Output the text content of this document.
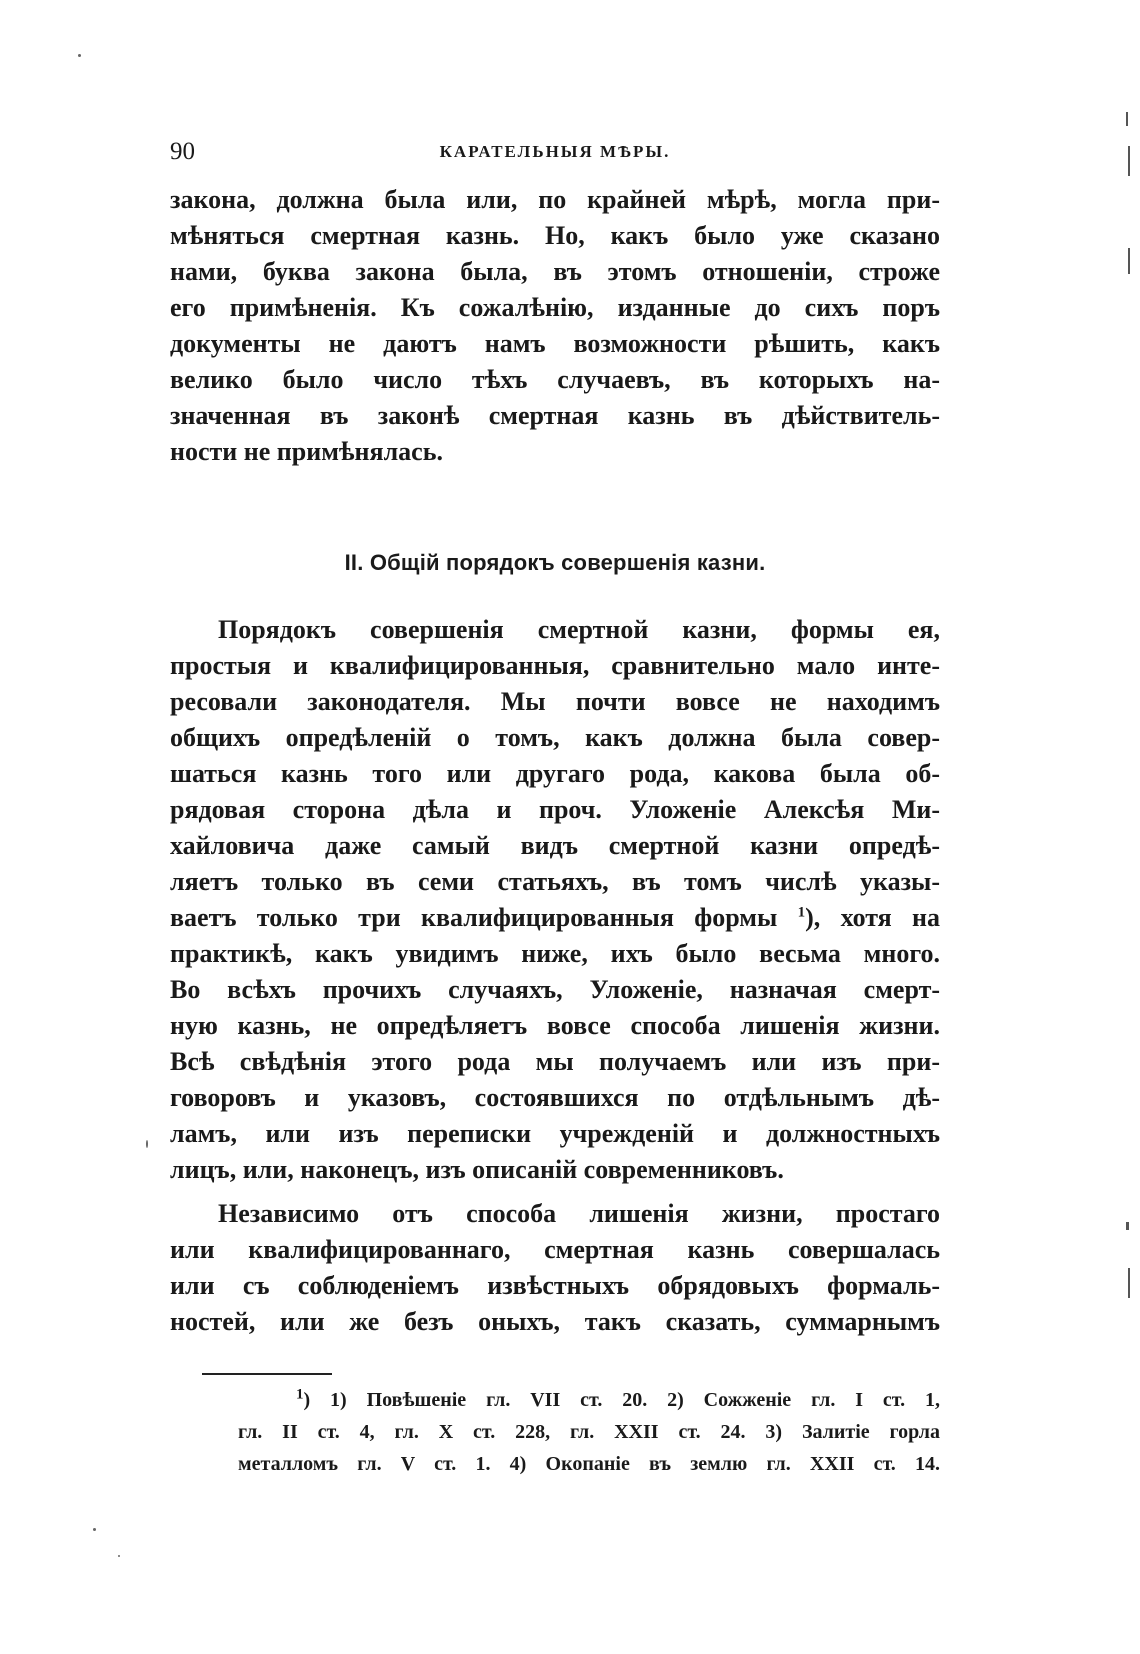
90	КАРАТЕЛЬНЫЯ МѢРЫ.
закона, должна была или, по крайней мѣрѣ, могла при-
мѣняться смертная казнь. Но, какъ было уже сказано
нами, буква закона была, въ этомъ отношеніи, строже
его примѣненія. Къ сожалѣнію, изданные до сихъ поръ
документы не даютъ намъ возможности рѣшить, какъ
велико было число тѣхъ случаевъ, въ которыхъ на-
значенная въ законѣ смертная казнь въ дѣйствитель-
ности не примѣнялась.
II. Общій порядокъ совершенія казни.
Порядокъ совершенія смертной казни, формы ея,
простыя и квалифицированныя, сравнительно мало инте-
ресовали законодателя. Мы почти вовсе не находимъ
общихъ опредѣленій о томъ, какъ должна была совер-
шаться казнь того или другаго рода, какова была об-
рядовая сторона дѣла и проч. Уложеніе Алексѣя Ми-
хайловича даже самый видъ смертной казни опредѣ-
ляетъ только въ семи статьяхъ, въ томъ числѣ указы-
ваетъ только три квалифицированныя формы $^1$), хотя на
практикѣ, какъ увидимъ ниже, ихъ было весьма много.
Во всѣхъ прочихъ случаяхъ, Уложеніе, назначая смерт-
ную казнь, не опредѣляетъ вовсе способа лишенія жизни.
Всѣ свѣдѣнія этого рода мы получаемъ или изъ при-
говоровъ и указовъ, состоявшихся по отдѣльнымъ дѣ-
ламъ, или изъ переписки учрежденій и должностныхъ
лицъ, или, наконецъ, изъ описаній современниковъ.
Независимо отъ способа лишенія жизни, простаго
или квалифицированнаго, смертная казнь совершалась
или съ соблюденіемъ извѣстныхъ обрядовыхъ формаль-
ностей, или же безъ оныхъ, такъ сказать, суммарнымъ
$^1$) 1) Повѣшеніе гл. VII ст. 20. 2) Сожженіе гл. I ст. 1,
гл. II ст. 4, гл. X ст. 228, гл. XXII ст. 24. 3) Залитіе горла
металломъ гл. V ст. 1. 4) Окопаніе въ землю гл. XXII ст. 14.
